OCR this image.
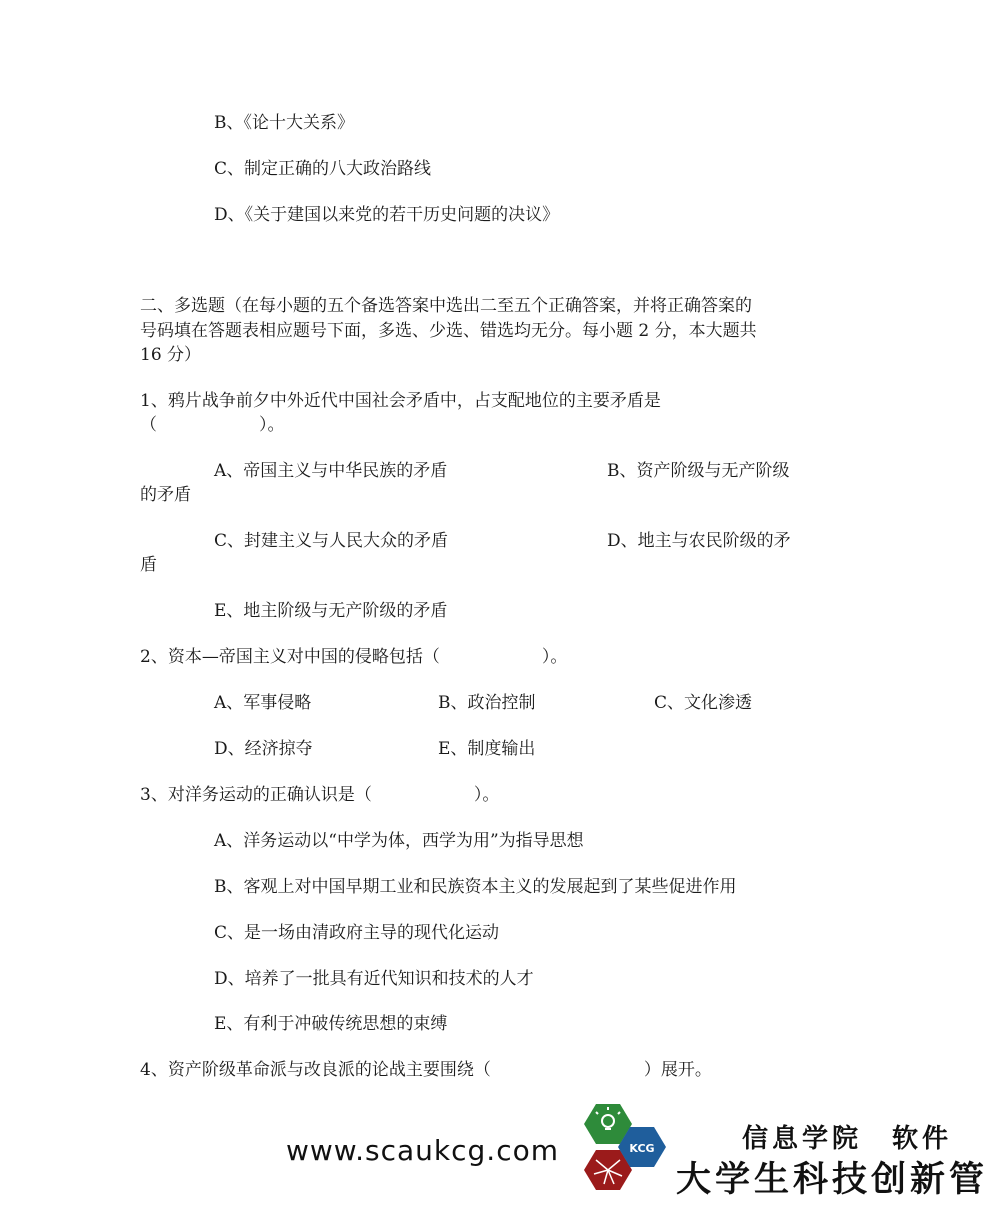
B、《论十大关系》
C、制定正确的八大政治路线
D、《关于建国以来党的若干历史问题的决议》
二、多选题（在每小题的五个备选答案中选出二至五个正确答案，并将正确答案的
号码填在答题表相应题号下面，多选、少选、错选均无分。每小题 2 分，本大题共
16 分）
1、鸦片战争前夕中外近代中国社会矛盾中，占支配地位的主要矛盾是
（　　　　　　）。
A、帝国主义与中华民族的矛盾	B、资产阶级与无产阶级
的矛盾
C、封建主义与人民大众的矛盾	D、地主与农民阶级的矛
盾
E、地主阶级与无产阶级的矛盾
2、资本—帝国主义对中国的侵略包括（　　　　　　）。
A、军事侵略	B、政治控制	C、文化渗透
D、经济掠夺	E、制度输出
3、对洋务运动的正确认识是（　　　　　　）。
A、洋务运动以“中学为体，西学为用”为指导思想
B、客观上对中国早期工业和民族资本主义的发展起到了某些促进作用
C、是一场由清政府主导的现代化运动
D、培养了一批具有近代知识和技术的人才
E、有利于冲破传统思想的束缚
4、资产阶级革命派与改良派的论战主要围绕（　　　　　　　　　）展开。
www.scaukcg.com	KCG	信息学院　软件
大学生科技创新管
